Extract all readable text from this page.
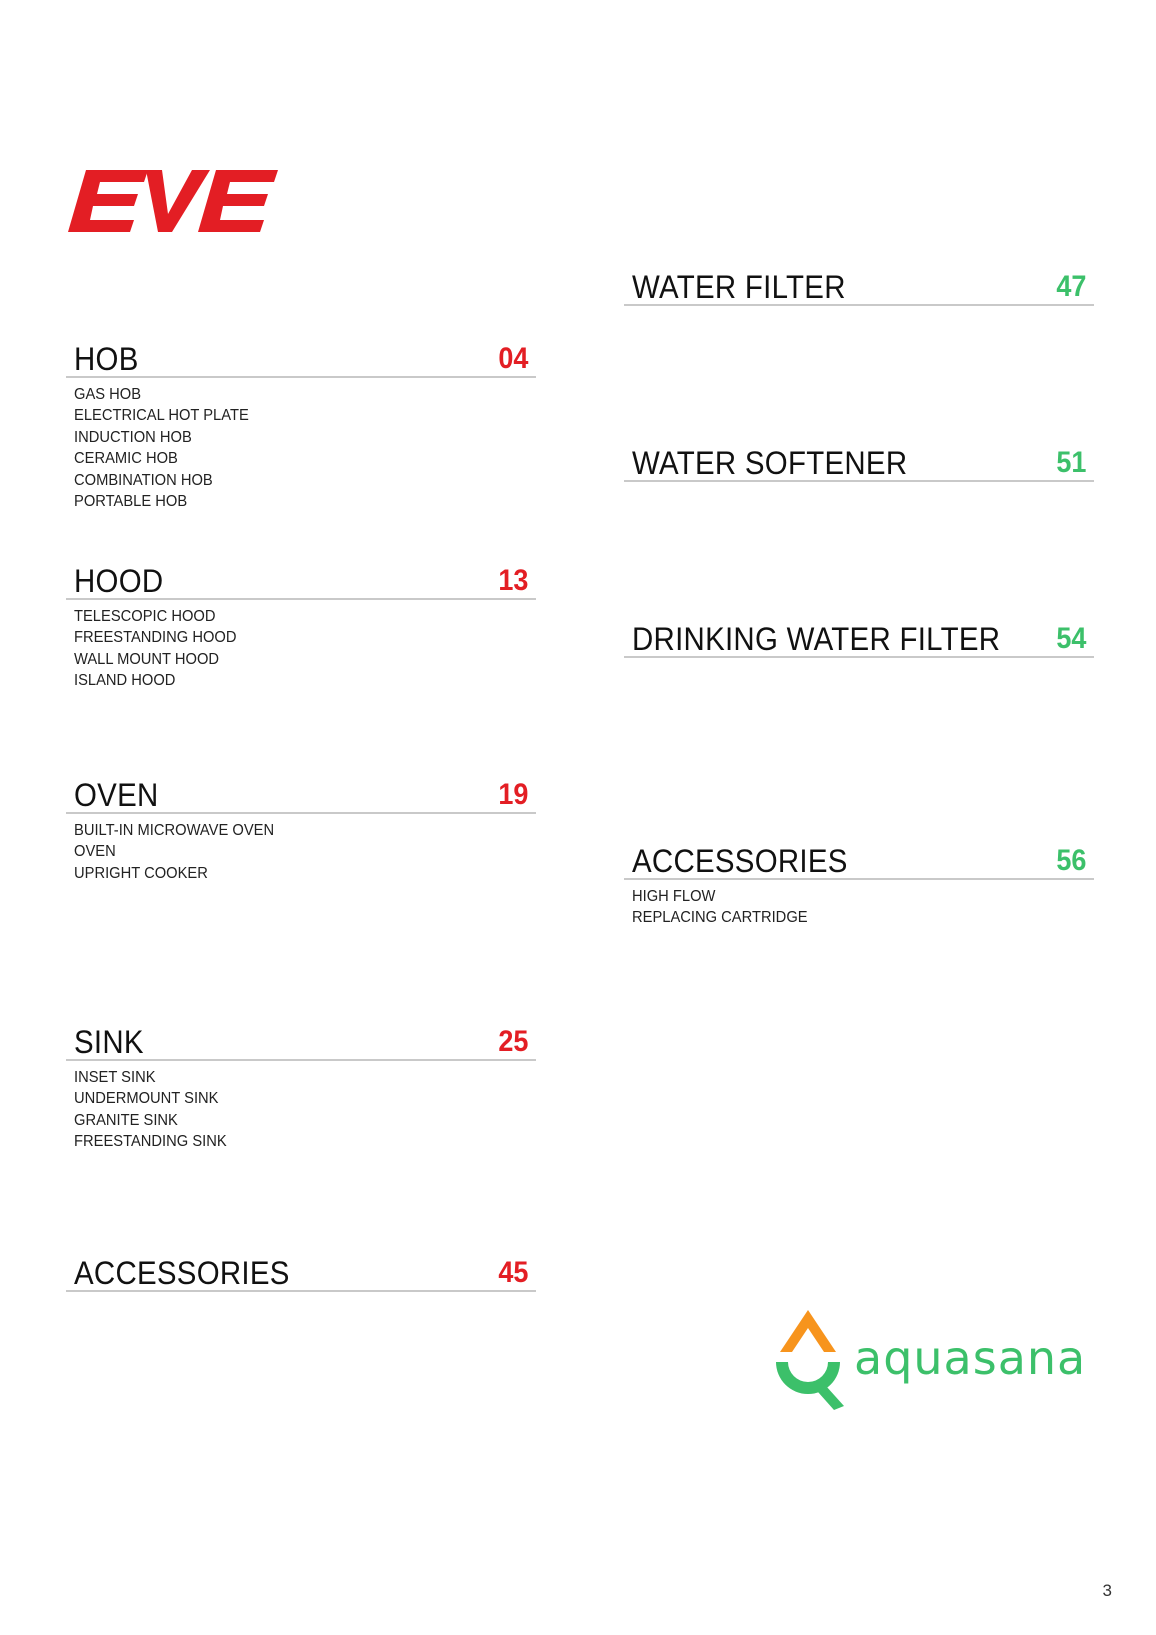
HOB	04
GAS HOB
ELECTRICAL HOT PLATE
INDUCTION HOB
CERAMIC HOB
COMBINATION HOB
PORTABLE HOB
HOOD	13
TELESCOPIC HOOD
FREESTANDING HOOD
WALL MOUNT HOOD
ISLAND HOOD
OVEN	19
BUILT-IN MICROWAVE OVEN
OVEN
UPRIGHT COOKER
SINK	25
INSET SINK
UNDERMOUNT SINK
GRANITE SINK
FREESTANDING SINK
ACCESSORIES	45
WATER FILTER	47
WATER SOFTENER	51
DRINKING WATER FILTER 54
ACCESSORIES	56
HIGH FLOW
REPLACING CARTRIDGE
aquasana
3
